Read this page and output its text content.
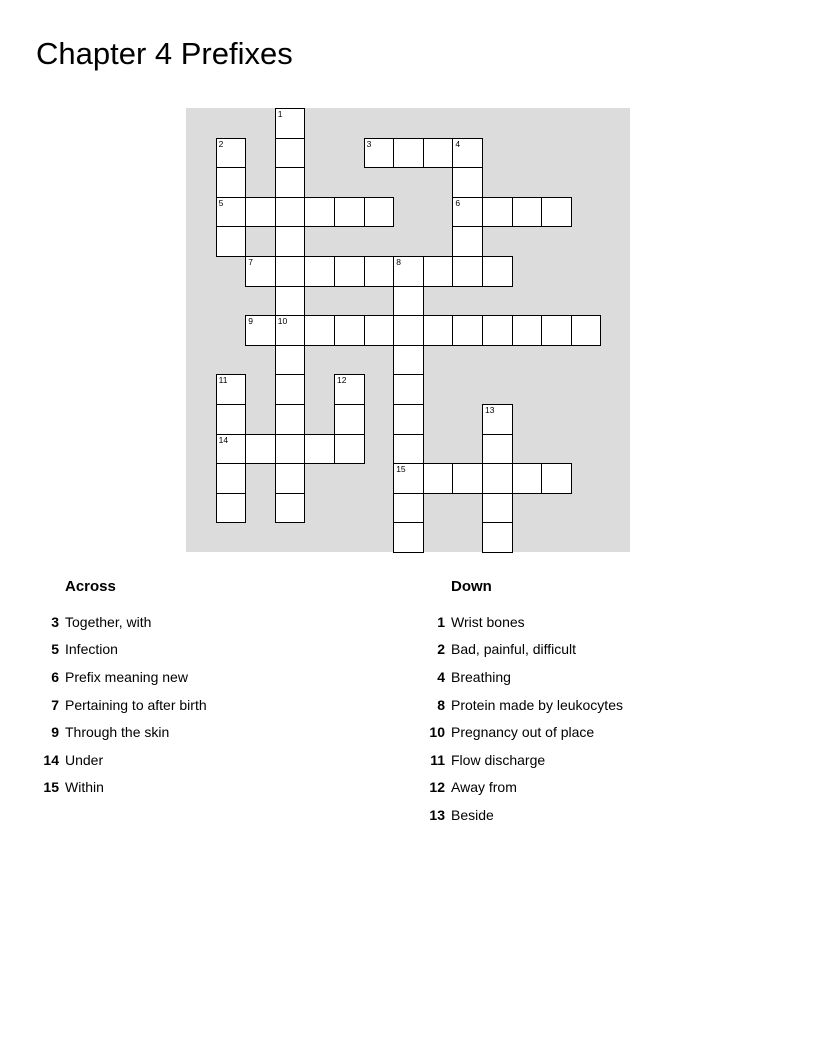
Chapter 4 Prefixes
1
10
2
5
3	4
6
7	8
15
9
11
14
12
13
Across
3 Together, with
5 Infection
6 Prefix meaning new
7 Pertaining to after birth
9 Through the skin
14 Under
15 Within
Down
1 Wrist bones
2 Bad, painful, difficult
4 Breathing
8 Protein made by leukocytes
10 Pregnancy out of place
11 Flow discharge
12 Away from
13 Beside
